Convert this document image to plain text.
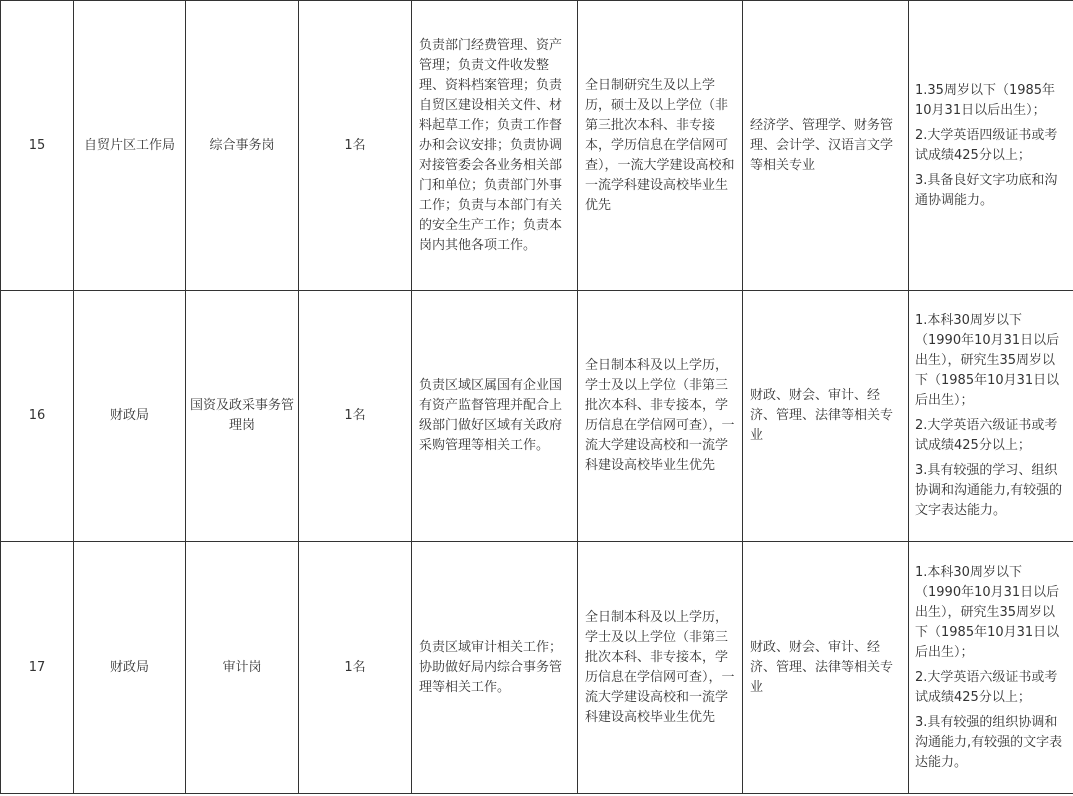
15	自贸片区工作局	综合事务岗	1名	负责部门经费管理、资产管理；负责文件收发整理、资料档案管理；负责自贸区建设相关文件、材料起草工作；负责工作督办和会议安排；负责协调对接管委会各业务相关部门和单位；负责部门外事工作；负责与本部门有关的安全生产工作；负责本岗内其他各项工作。	全日制研究生及以上学历，硕士及以上学位（非第三批次本科、非专接本，学历信息在学信网可查），一流大学建设高校和一流学科建设高校毕业生优先	经济学、管理学、财务管理、会计学、汉语言文学等相关专业	1.35周岁以下（1985年10月31日以后出生）；
2.大学英语四级证书或考试成绩425分以上；
3.具备良好文字功底和沟通协调能力。

16	财政局	国资及政采事务管理岗	1名	负责区域区属国有企业国有资产监督管理并配合上级部门做好区域有关政府采购管理等相关工作。	全日制本科及以上学历，学士及以上学位（非第三批次本科、非专接本，学历信息在学信网可查），一流大学建设高校和一流学科建设高校毕业生优先	财政、财会、审计、经济、管理、法律等相关专业	1.本科30周岁以下（1990年10月31日以后出生），研究生35周岁以下（1985年10月31日以后出生）；
2.大学英语六级证书或考试成绩425分以上；
3.具有较强的学习、组织协调和沟通能力,有较强的文字表达能力。

17	财政局	审计岗	1名	负责区域审计相关工作；协助做好局内综合事务管理等相关工作。	全日制本科及以上学历，学士及以上学位（非第三批次本科、非专接本，学历信息在学信网可查），一流大学建设高校和一流学科建设高校毕业生优先	财政、财会、审计、经济、管理、法律等相关专业	1.本科30周岁以下（1990年10月31日以后出生），研究生35周岁以下（1985年10月31日以后出生）；
2.大学英语六级证书或考试成绩425分以上；
3.具有较强的组织协调和沟通能力,有较强的文字表达能力。
